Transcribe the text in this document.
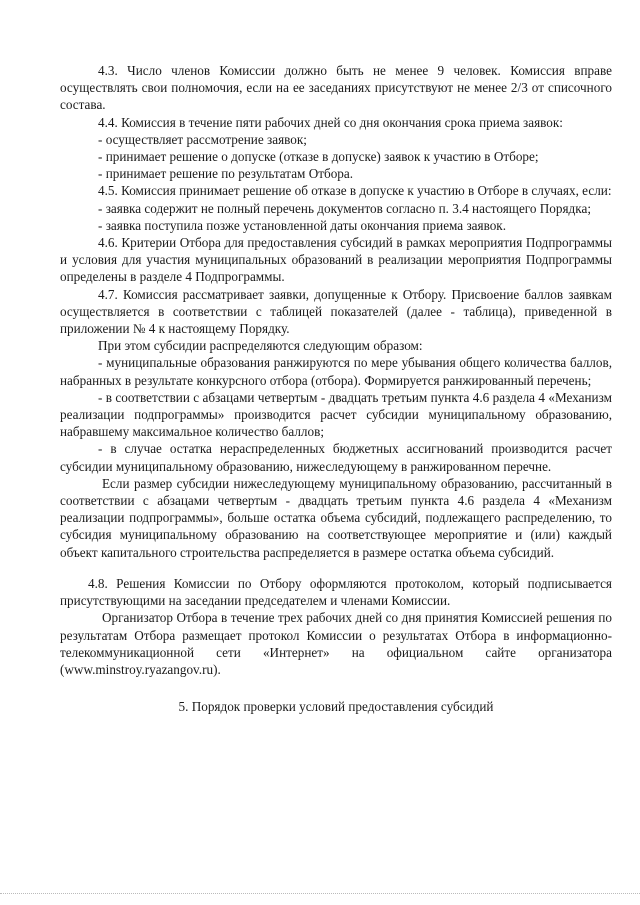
4.3. Число членов Комиссии должно быть не менее 9 человек. Комиссия вправе осуществлять свои полномочия, если на ее заседаниях присутствуют не менее 2/3 от списочного состава.

4.4. Комиссия в течение пяти рабочих дней со дня окончания срока приема заявок:

- осуществляет рассмотрение заявок;

- принимает решение о допуске (отказе в допуске) заявок к участию в Отборе;

- принимает решение по результатам Отбора.

4.5. Комиссия принимает решение об отказе в допуске к участию в Отборе в случаях, если:

- заявка содержит не полный перечень документов согласно п. 3.4 настоящего Порядка;

- заявка поступила позже установленной даты окончания приема заявок.

4.6. Критерии Отбора для предоставления субсидий в рамках мероприятия Подпрограммы и условия для участия муниципальных образований в реализации мероприятия Подпрограммы определены в разделе 4 Подпрограммы.

4.7. Комиссия рассматривает заявки, допущенные к Отбору. Присвоение баллов заявкам осуществляется в соответствии с таблицей показателей (далее - таблица), приведенной в приложении № 4 к настоящему Порядку.

При этом субсидии распределяются следующим образом:

- муниципальные образования ранжируются по мере убывания общего количества баллов, набранных в результате конкурсного отбора (отбора). Формируется ранжированный перечень;

- в соответствии с абзацами четвертым - двадцать третьим пункта 4.6 раздела 4 «Механизм реализации подпрограммы» производится расчет субсидии муниципальному образованию, набравшему максимальное количество баллов;

- в случае остатка нераспределенных бюджетных ассигнований производится расчет субсидии муниципальному образованию, нижеследующему в ранжированном перечне.

Если размер субсидии нижеследующему муниципальному образованию, рассчитанный в соответствии с абзацами четвертым - двадцать третьим пункта 4.6 раздела 4 «Механизм реализации подпрограммы», больше остатка объема субсидий, подлежащего распределению, то субсидия муниципальному образованию на соответствующее мероприятие и (или) каждый объект капитального строительства распределяется в размере остатка объема субсидий.

4.8. Решения Комиссии по Отбору оформляются протоколом, который подписывается присутствующими на заседании председателем и членами Комиссии.

Организатор Отбора в течение трех рабочих дней со дня принятия Комиссией решения по результатам Отбора размещает протокол Комиссии о результатах Отбора в информационно-телекоммуникационной сети «Интернет» на официальном сайте организатора (www.minstroy.ryazangov.ru).

5. Порядок проверки условий предоставления субсидий
